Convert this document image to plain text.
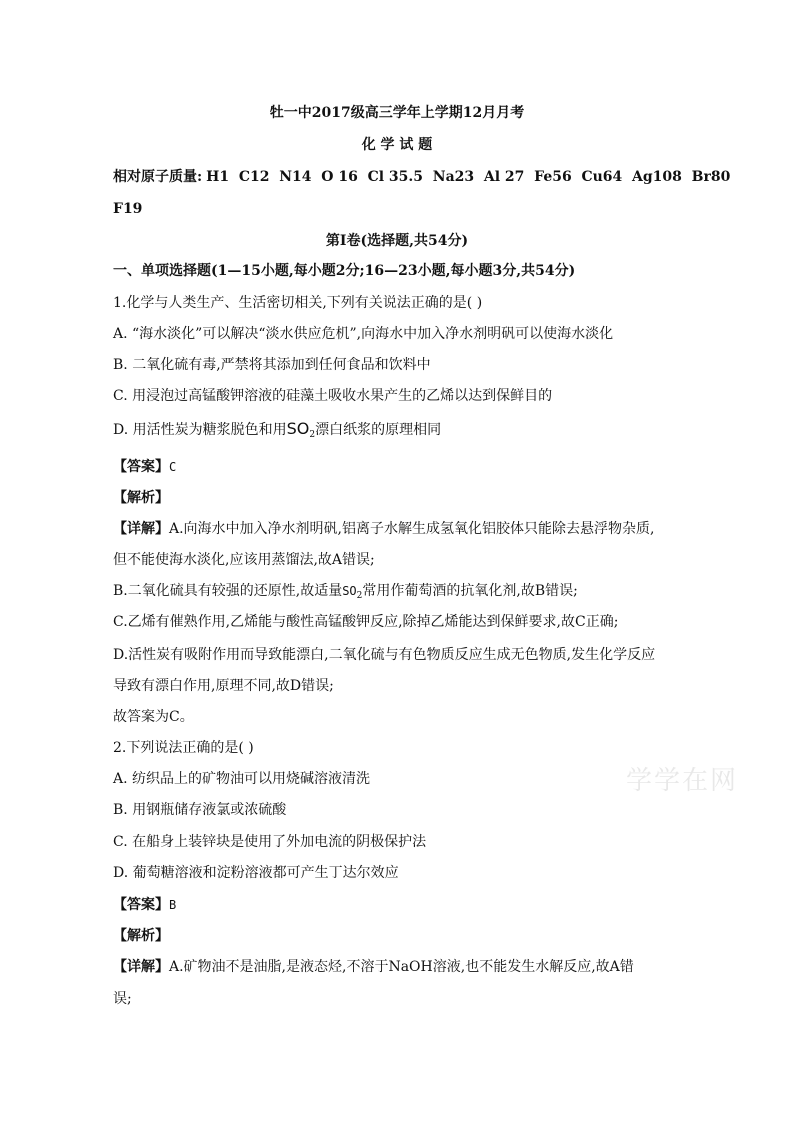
学学在网
牡一中2017级高三学年上学期12月月考
化 学 试 题
相对原子质量: H1  C12  N14  O 16  Cl 35.5  Na23  Al 27  Fe56  Cu64  Ag108  Br80
F19
第I卷(选择题,共54分)
一、单项选择题(1—15小题,每小题2分;16—23小题,每小题3分,共54分)
1.化学与人类生产、生活密切相关,下列有关说法正确的是( )
A. “海水淡化”可以解决“淡水供应危机”,向海水中加入净水剂明矾可以使海水淡化
B. 二氧化硫有毒,严禁将其添加到任何食品和饮料中
C. 用浸泡过高锰酸钾溶液的硅藻土吸收水果产生的乙烯以达到保鲜目的
D. 用活性炭为糖浆脱色和用$SO_2$漂白纸浆的原理相同
【答案】C
【解析】
【详解】A.向海水中加入净水剂明矾,铝离子水解生成氢氧化铝胶体只能除去悬浮物杂质,
但不能使海水淡化,应该用蒸馏法,故A错误;
B.二氧化硫具有较强的还原性,故适量$SO_2$常用作葡萄酒的抗氧化剂,故B错误;
C.乙烯有催熟作用,乙烯能与酸性高锰酸钾反应,除掉乙烯能达到保鲜要求,故C正确;
D.活性炭有吸附作用而导致能漂白,二氧化硫与有色物质反应生成无色物质,发生化学反应
导致有漂白作用,原理不同,故D错误;
故答案为C。
2.下列说法正确的是( )
A. 纺织品上的矿物油可以用烧碱溶液清洗
B. 用钢瓶储存液氯或浓硫酸
C. 在船身上装锌块是使用了外加电流的阴极保护法
D. 葡萄糖溶液和淀粉溶液都可产生丁达尔效应
【答案】B
【解析】
【详解】A.矿物油不是油脂,是液态烃,不溶于NaOH溶液,也不能发生水解反应,故A错
误;
